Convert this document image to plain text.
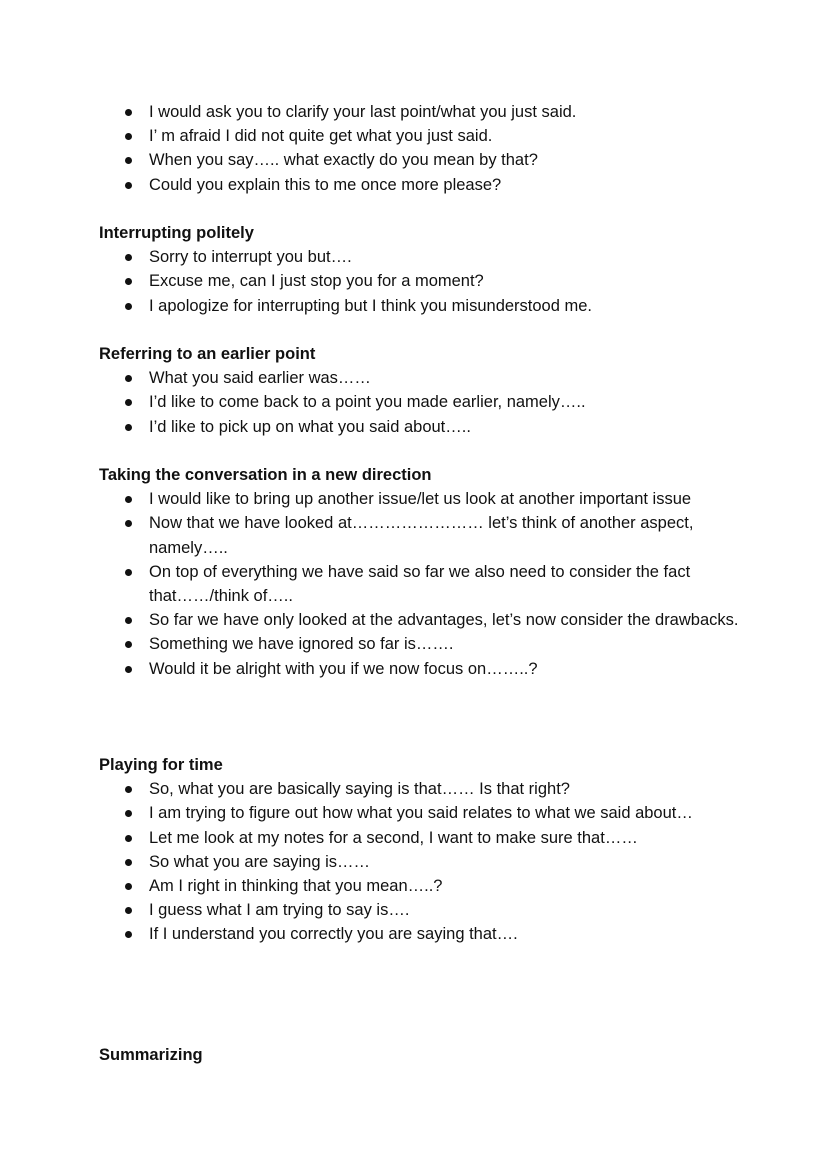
I would ask you to clarify your last point/what you just said.
I’ m afraid I did not quite get what you just said.
When you say….. what exactly do you mean by that?
Could you explain this to me once more please?

Interrupting politely

Sorry to interrupt you but….
Excuse me, can I just stop you for a moment?
I apologize for interrupting but I think you misunderstood me.

Referring to an earlier point

What you said earlier was……
I’d like to come back to a point you made earlier, namely…..
I’d like to pick up on what you said about…..

Taking the conversation in a new direction

I would like to bring up another issue/let us look at another important issue
Now that we have looked at…………………… let’s think of another aspect, namely…..
On top of everything we have said so far we also need to consider the fact that……/think of…..
So far we have only looked at the advantages, let’s now consider the drawbacks.
Something we have ignored so far is…….
Would it be alright with you if we now focus on……..?

Playing for time

So, what you are basically saying is that…… Is that right?
I am trying to figure out how what you said relates to what we said about…
Let me look at my notes for a second, I want to make sure that……
So what you are saying is……
Am I right in thinking that you mean…..?
I guess what I am trying to say is….
If I understand you correctly you are saying that….

Summarizing
